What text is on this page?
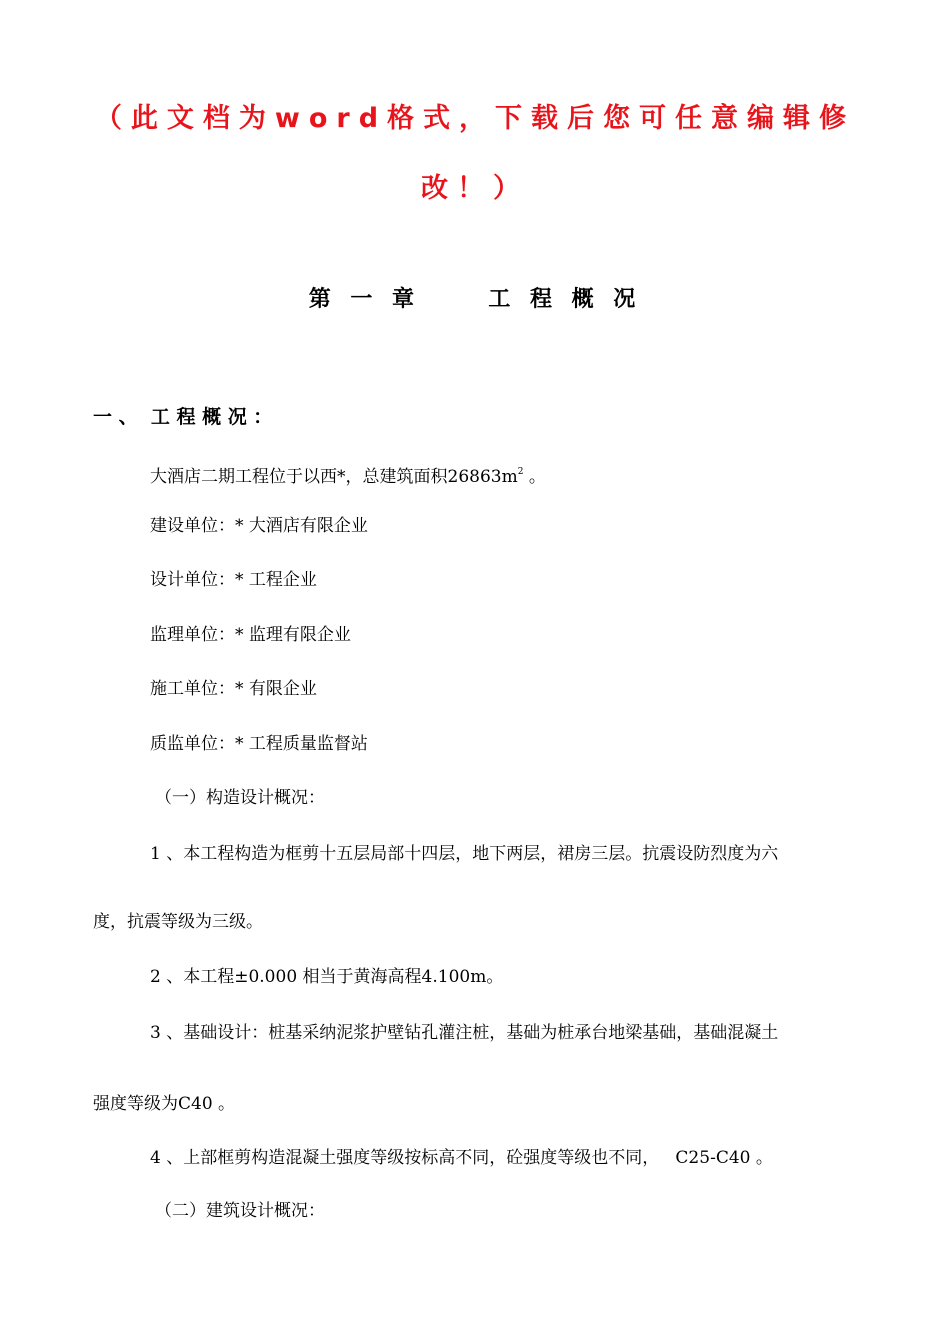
（此文档为word格式，下载后您可任意编辑修
改！）
第 一 章     工 程 概 况
一 、  工 程 概 况 ：
大酒店二期工程位于以西*，总建筑面积$26863m^2$ 。
建设单位：* 大酒店有限企业
设计单位：* 工程企业
监理单位：* 监理有限企业
施工单位：* 有限企业
质监单位：* 工程质量监督站
（一）构造设计概况：
1 、本工程构造为框剪十五层局部十四层，地下两层，裙房三层。抗震设防烈度为六
度，抗震等级为三级。
2 、本工程±0.000 相当于黄海高程4.100m。
3 、基础设计：桩基采纳泥浆护壁钻孔灌注桩，基础为桩承台地梁基础，基础混凝土
强度等级为C40 。
4 、上部框剪构造混凝土强度等级按标高不同，砼强度等级也不同，   C25-C40 。
（二）建筑设计概况：
